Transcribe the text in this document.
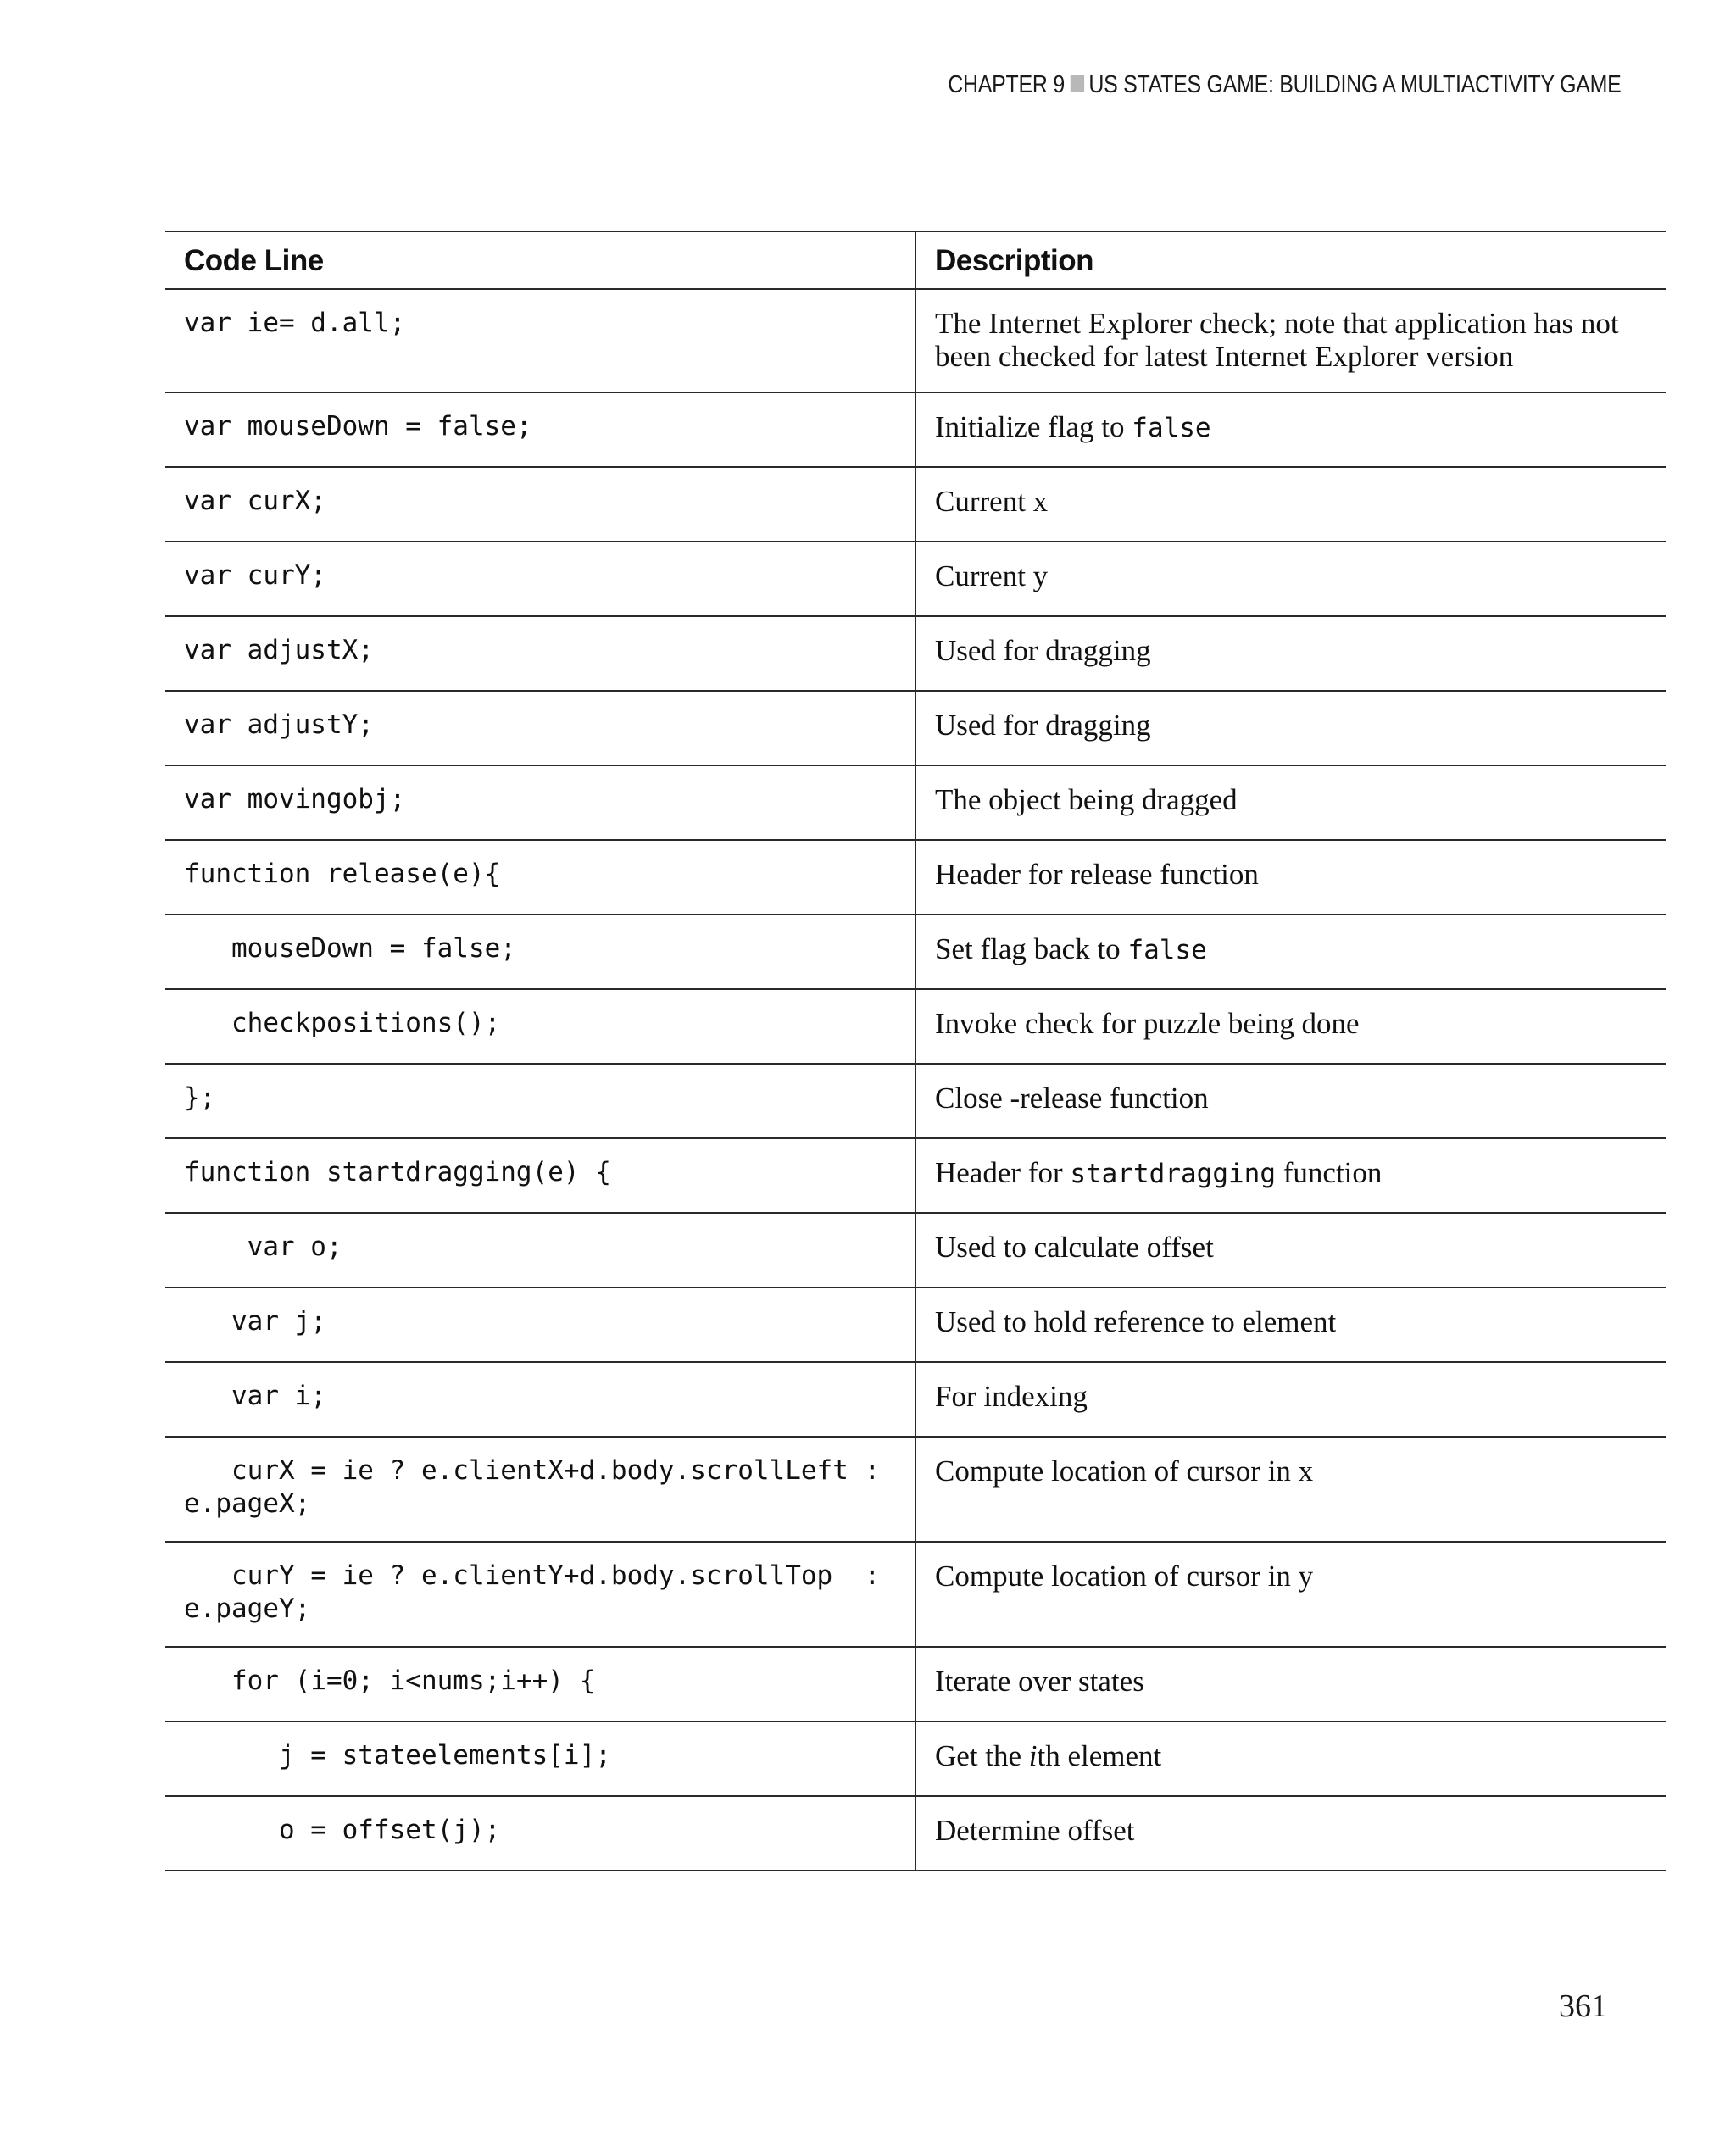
CHAPTER 9 US STATES GAME: BUILDING A MULTIACTIVITY GAME
Code Line	Description
var ie= d.all;	The Internet Explorer check; note that application has not been checked for latest Internet Explorer version
var mouseDown = false;	Initialize flag to false
var curX;	Current x
var curY;	Current y
var adjustX;	Used for dragging
var adjustY;	Used for dragging
var movingobj;	The object being dragged
function release(e){	Header for release function
mouseDown = false;	Set flag back to false
checkpositions();	Invoke check for puzzle being done
};	Close -release function
function startdragging(e) {	Header for startdragging function
var o;	Used to calculate offset
var j;	Used to hold reference to element
var i;	For indexing
curX = ie ? e.clientX+d.body.scrollLeft : e.pageX;	Compute location of cursor in x
curY = ie ? e.clientY+d.body.scrollTop  : e.pageY;	Compute location of cursor in y
for (i=0; i<nums;i++) {	Iterate over states
j = stateelements[i];	Get the ith element
o = offset(j);	Determine offset
361
